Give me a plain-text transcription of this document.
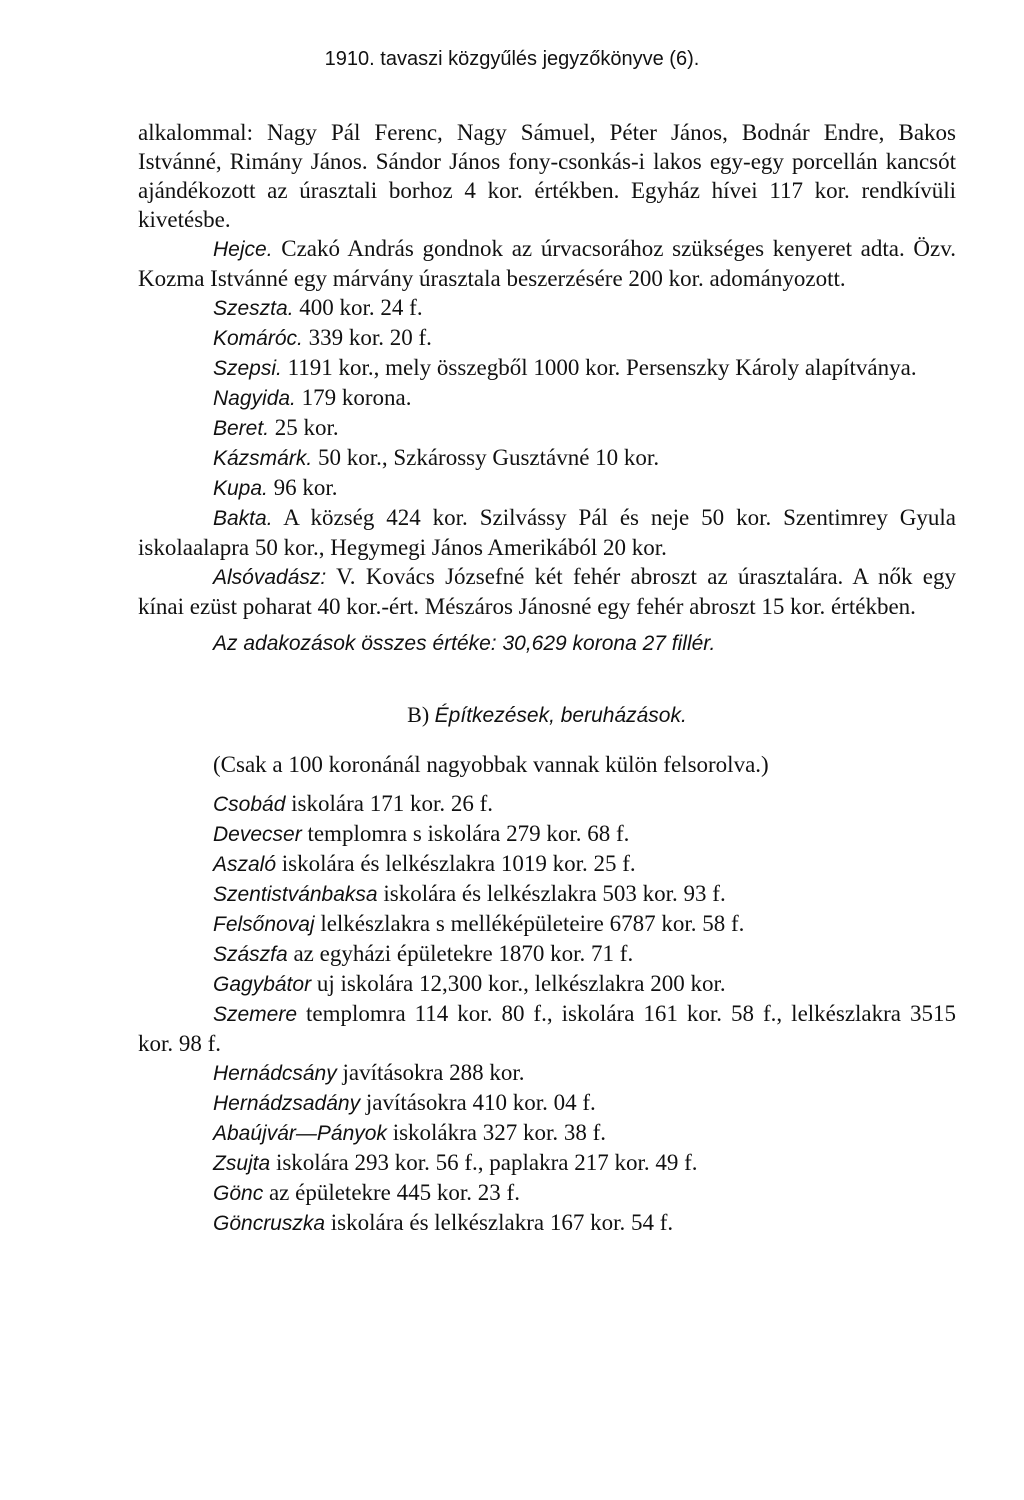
1910. tavaszi közgyűlés jegyzőkönyve (6).

alkalommal: Nagy Pál Ferenc, Nagy Sámuel, Péter János, Bodnár Endre, Bakos Istvánné, Rimány János. Sándor János fony-csonkás-i lakos egy-egy porcellán kancsót ajándékozott az úrasztali borhoz 4 kor. értékben. Egyház hívei 117 kor. rendkívüli kivetésbe.

Hejce. Czakó András gondnok az úrvacsorához szükséges kenyeret adta. Özv. Kozma Istvánné egy márvány úrasztala beszerzésére 200 kor. adományozott.

Szeszta. 400 kor. 24 f.

Komáróc. 339 kor. 20 f.

Szepsi. 1191 kor., mely összegből 1000 kor. Persenszky Károly alapítványa.

Nagyida. 179 korona.

Beret. 25 kor.

Kázsmárk. 50 kor., Szkárossy Gusztávné 10 kor.

Kupa. 96 kor.

Bakta. A község 424 kor. Szilvássy Pál és neje 50 kor. Szentimrey Gyula iskolaalapra 50 kor., Hegymegi János Amerikából 20 kor.

Alsóvadász: V. Kovács Józsefné két fehér abroszt az úrasztalára. A nők egy kínai ezüst poharat 40 kor.-ért. Mészáros Jánosné egy fehér abroszt 15 kor. értékben.

Az adakozások összes értéke: 30,629 korona 27 fillér.
B) Építkezések, beruházások.
(Csak a 100 koronánál nagyobbak vannak külön felsorolva.)

Csobád iskolára 171 kor. 26 f.

Devecser templomra s iskolára 279 kor. 68 f.

Aszaló iskolára és lelkészlakra 1019 kor. 25 f.

Szentistvánbaksa iskolára és lelkészlakra 503 kor. 93 f.

Felsőnovaj lelkészlakra s melléképületeire 6787 kor. 58 f.

Szászfa az egyházi épületekre 1870 kor. 71 f.

Gagybátor uj iskolára 12,300 kor., lelkészlakra 200 kor.

Szemere templomra 114 kor. 80 f., iskolára 161 kor. 58 f., lelkészlakra 3515 kor. 98 f.

Hernádcsány javításokra 288 kor.

Hernádzsadány javításokra 410 kor. 04 f.

Abaújvár—Pányok iskolákra 327 kor. 38 f.

Zsujta iskolára 293 kor. 56 f., paplakra 217 kor. 49 f.

Gönc az épületekre 445 kor. 23 f.

Göncruszka iskolára és lelkészlakra 167 kor. 54 f.
